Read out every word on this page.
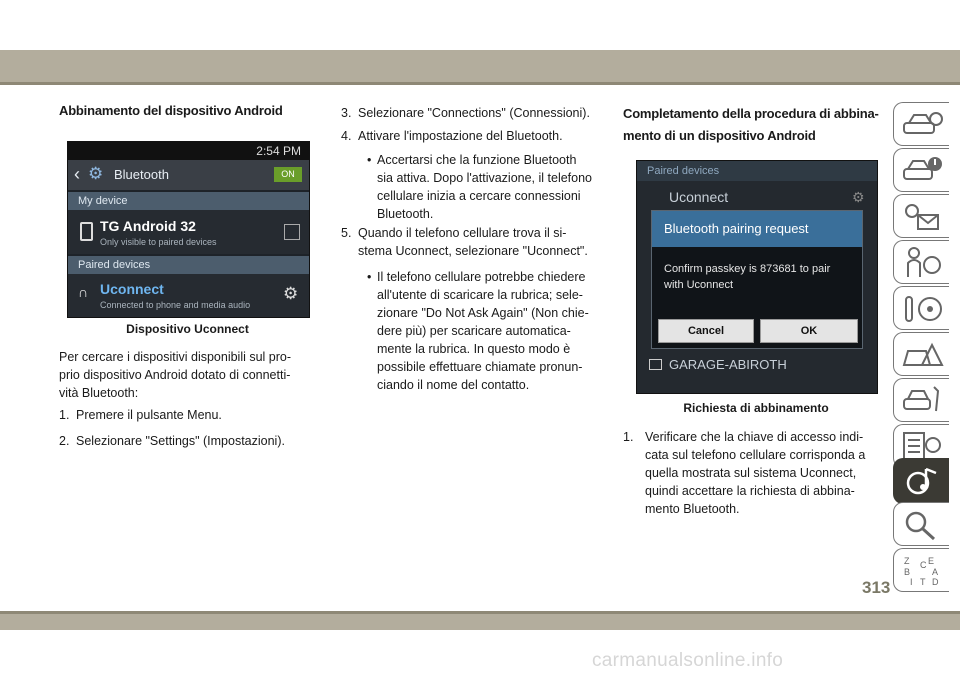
Abbinamento del dispositivo Android
2:54 PM
‹ ⚙ Bluetooth	ON
My device
TG Android 32
Only visible to paired devices
Paired devices
∩ Uconnect
Connected to phone and media audio
⚙
Dispositivo Uconnect
Per cercare i dispositivi disponibili sul pro-
prio dispositivo Android dotato di connetti-
vità Bluetooth:
1. Premere il pulsante Menu.
2. Selezionare "Settings" (Impostazioni).
3. Selezionare "Connections" (Connessioni).
4. Attivare l'impostazione del Bluetooth.
• Accertarsi che la funzione Bluetooth
sia attiva. Dopo l'attivazione, il telefono
cellulare inizia a cercare connessioni
Bluetooth.
5. Quando il telefono cellulare trova il si-
stema Uconnect, selezionare "Uconnect".
• Il telefono cellulare potrebbe chiedere
all'utente di scaricare la rubrica; sele-
zionare "Do Not Ask Again" (Non chie-
dere più) per scaricare automatica-
mente la rubrica. In questo modo è
possibile effettuare chiamate pronun-
ciando il nome del contatto.
Completamento della procedura di abbina-
mento di un dispositivo Android
Paired devices
Uconnect	⚙
Bluetooth pairing request
Confirm passkey is 873681 to pair
with Uconnect
Cancel	OK
GARAGE-ABIROTH
Richiesta di abbinamento
1. Verificare che la chiave di accesso indi-
cata sul telefono cellulare corrisponda a
quella mostrata sul sistema Uconnect,
quindi accettare la richiesta di abbina-
mento Bluetooth.
Z E
B A
C
I D
T
313
carmanualsonline.info
